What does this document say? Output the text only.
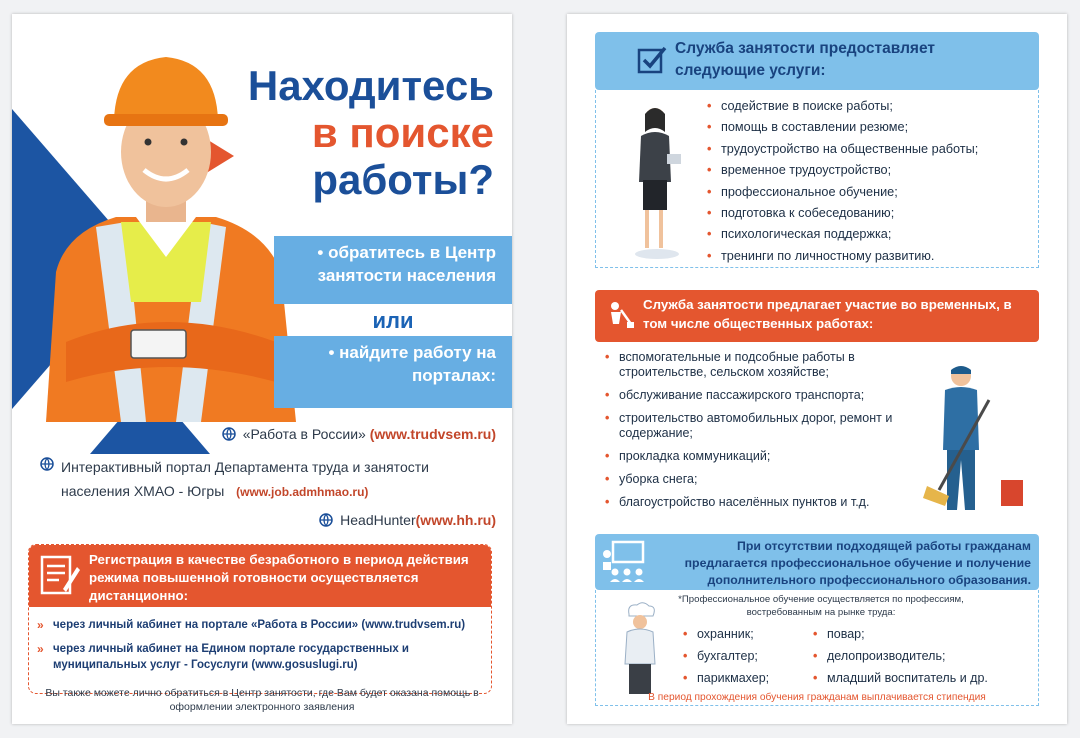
Находитесь
в поиске
работы?
• обратитесь в Центр занятости населения
или
• найдите работу на порталах:
«Работа в России» (www.trudvsem.ru)
Интерактивный портал Департамента труда и занятости
населения ХМАО - Югры (www.job.admhmao.ru)
HeadHunter(www.hh.ru)
Регистрация в качестве безработного в период действия режима повышенной готовности осуществляется дистанционно:
» через личный кабинет на портале «Работа в России» (www.trudvsem.ru)
» через личный кабинет на Едином портале государственных и муниципальных услуг - Госуслуги (www.gosuslugi.ru)
Вы также можете лично обратиться в Центр занятости, где Вам будет оказана помощь в оформлении электронного заявления
Служба занятости предоставляет следующие услуги:
• содействие в поиске работы;
• помощь в составлении резюме;
• трудоустройство на общественные работы;
• временное трудоустройство;
• профессиональное обучение;
• подготовка к собеседованию;
• психологическая поддержка;
• тренинги по личностному развитию.
Служба занятости предлагает участие во временных, в том числе общественных работах:
• вспомогательные и подсобные работы в строительстве, сельском хозяйстве;
• обслуживание пассажирского транспорта;
• строительство автомобильных дорог, ремонт и содержание;
• прокладка коммуникаций;
• уборка снега;
• благоустройство населённых пунктов и т.д.
При отсутствии подходящей работы гражданам предлагается профессиональное обучение и получение дополнительного профессионального образования.
*Профессиональное обучение осуществляется по профессиям, востребованным на рынке труда:
• охранник;	• повар;
• бухгалтер;	• делопроизводитель;
• парикмахер;	• младший воспитатель и др.
В период прохождения обучения гражданам выплачивается стипендия
